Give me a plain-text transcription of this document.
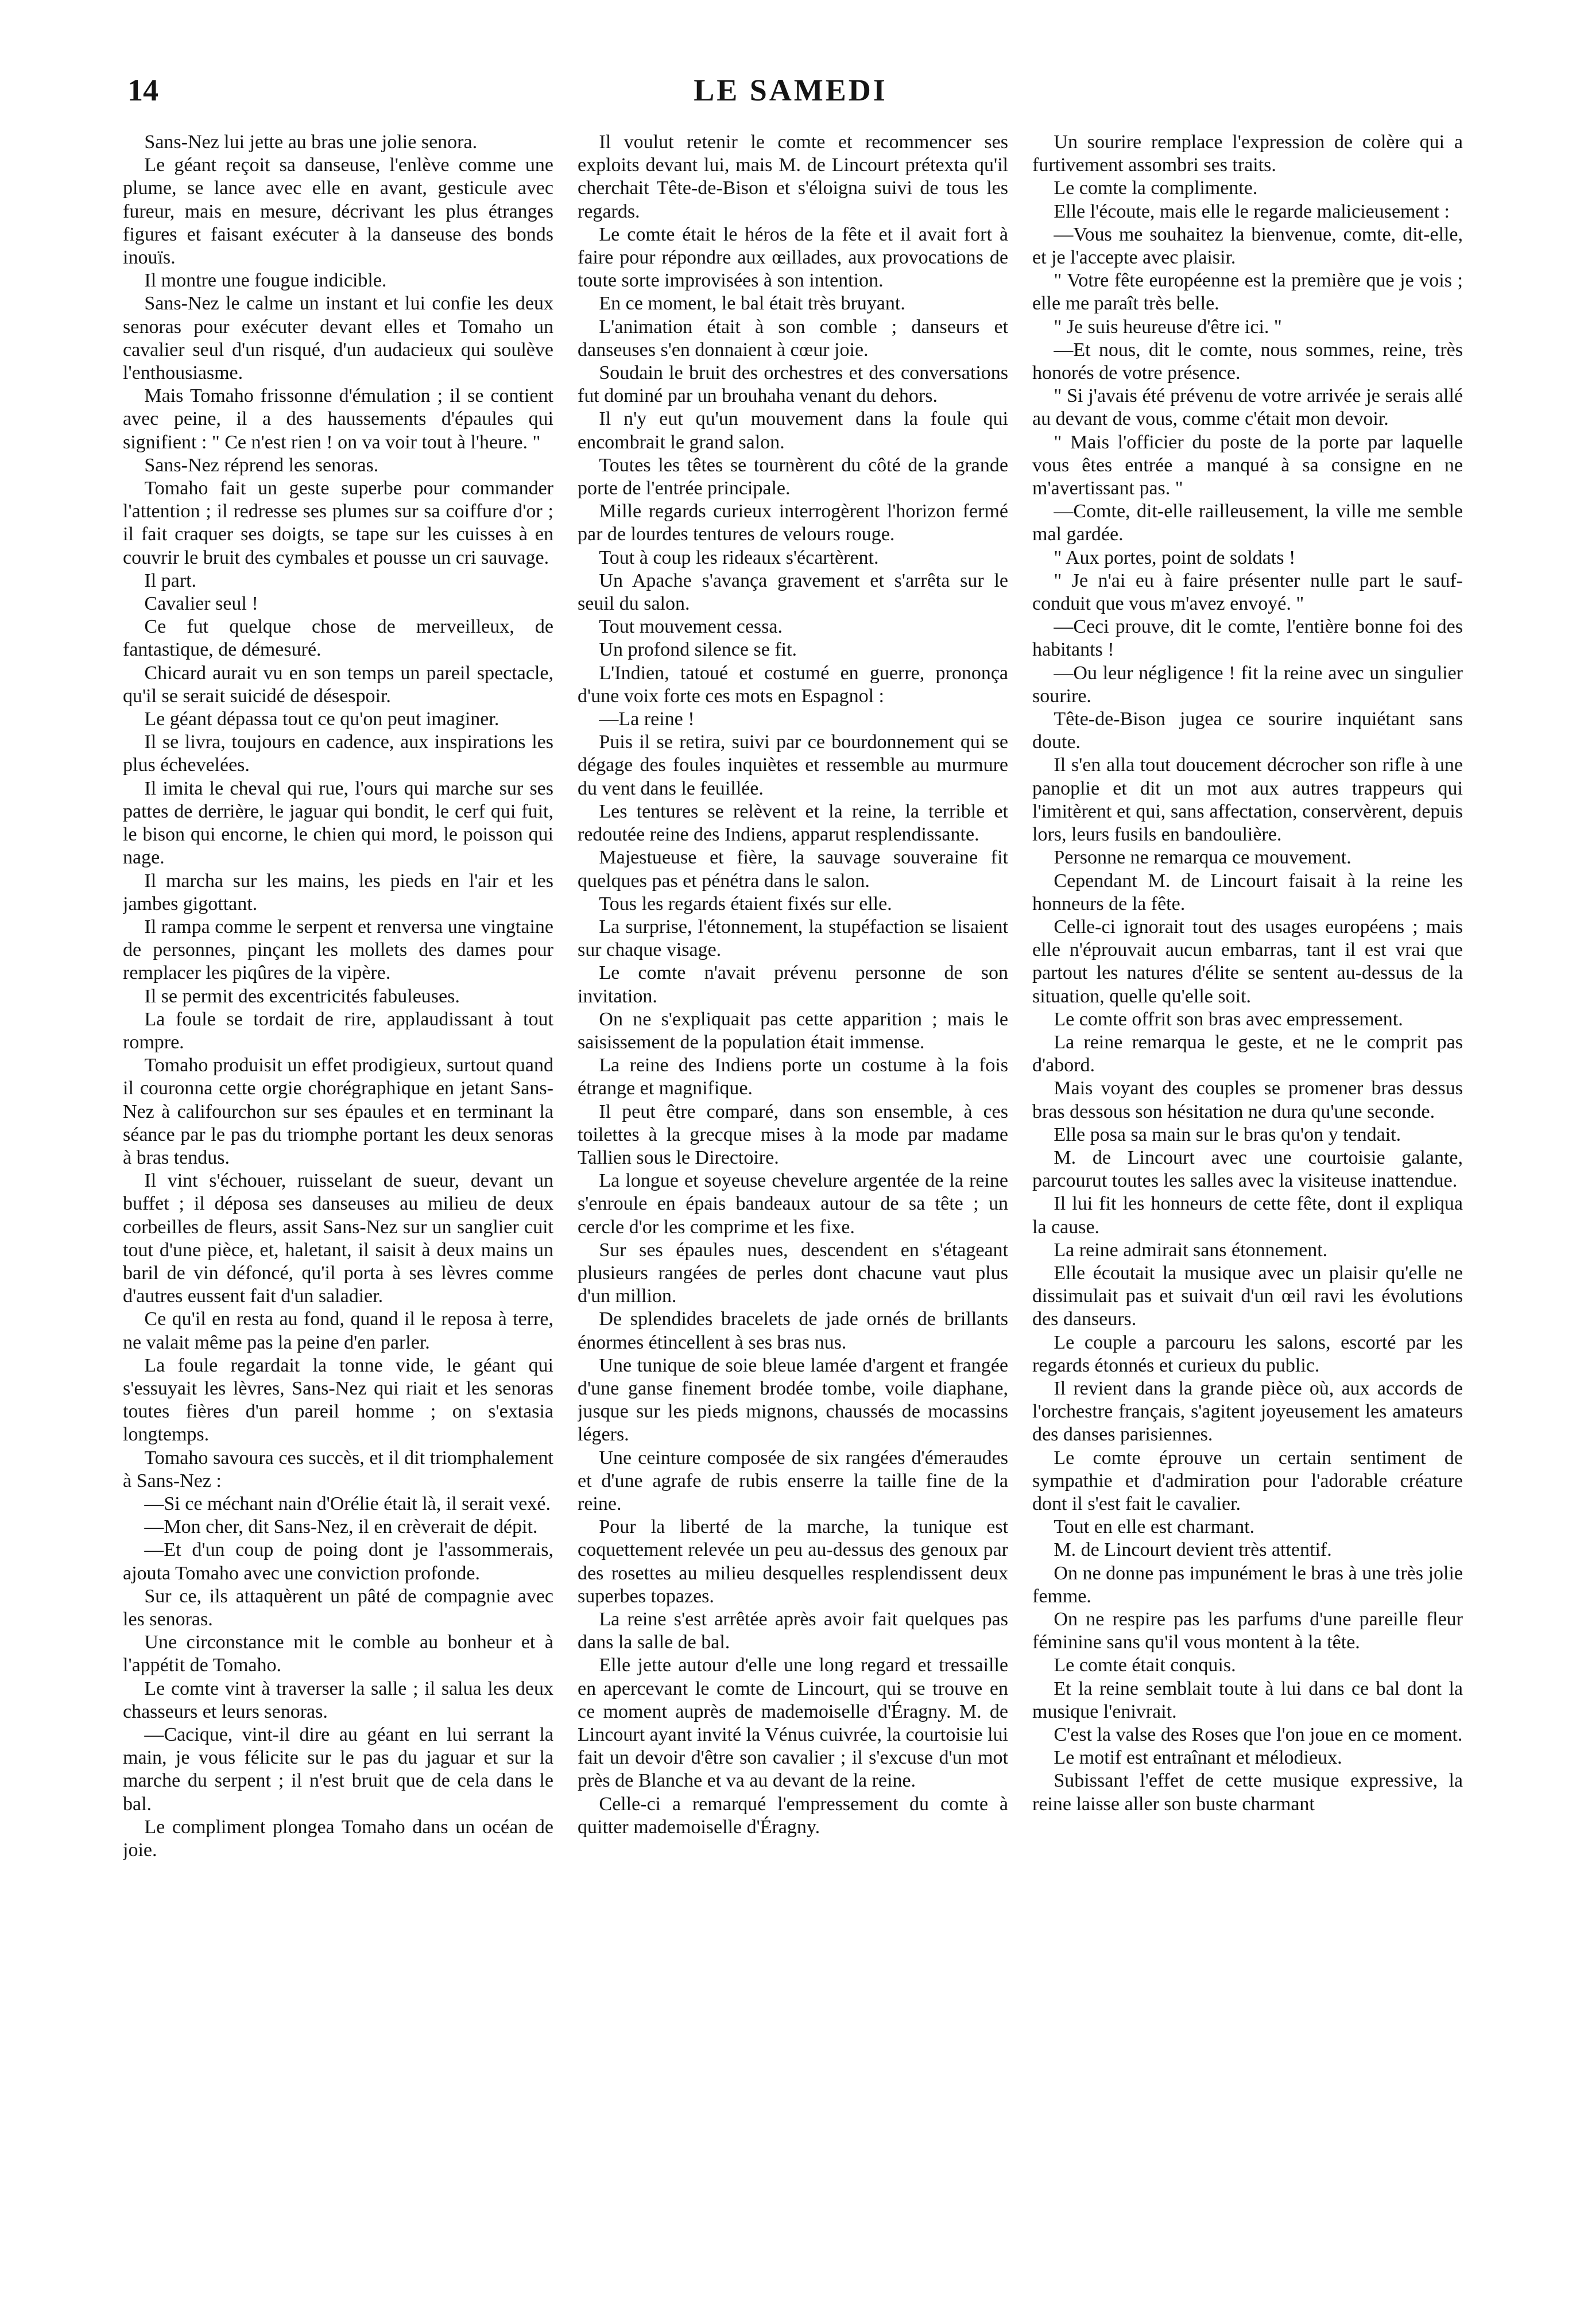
14	LE SAMEDI

Sans-Nez lui jette au bras une jolie senora.

Le géant reçoit sa danseuse, l'enlève comme une plume, se lance avec elle en avant, gesticule avec fureur, mais en mesure, décrivant les plus étranges figures et faisant exécuter à la danseuse des bonds inouïs.

Il montre une fougue indicible.

Sans-Nez le calme un instant et lui confie les deux senoras pour exécuter devant elles et Tomaho un cavalier seul d'un risqué, d'un audacieux qui soulève l'enthousiasme.

Mais Tomaho frissonne d'émulation ; il se contient avec peine, il a des haussements d'épaules qui signifient : " Ce n'est rien ! on va voir tout à l'heure. "

Sans-Nez réprend les senoras.

Tomaho fait un geste superbe pour commander l'attention ; il redresse ses plumes sur sa coiffure d'or ; il fait craquer ses doigts, se tape sur les cuisses à en couvrir le bruit des cymbales et pousse un cri sauvage.

Il part.

Cavalier seul !

Ce fut quelque chose de merveilleux, de fantastique, de démesuré.

Chicard aurait vu en son temps un pareil spectacle, qu'il se serait suicidé de désespoir.

Le géant dépassa tout ce qu'on peut imaginer.

Il se livra, toujours en cadence, aux inspirations les plus échevelées.

Il imita le cheval qui rue, l'ours qui marche sur ses pattes de derrière, le jaguar qui bondit, le cerf qui fuit, le bison qui encorne, le chien qui mord, le poisson qui nage.

Il marcha sur les mains, les pieds en l'air et les jambes gigottant.

Il rampa comme le serpent et renversa une vingtaine de personnes, pinçant les mollets des dames pour remplacer les piqûres de la vipère.

Il se permit des excentricités fabuleuses.

La foule se tordait de rire, applaudissant à tout rompre.

Tomaho produisit un effet prodigieux, surtout quand il couronna cette orgie chorégraphique en jetant Sans-Nez à califourchon sur ses épaules et en terminant la séance par le pas du triomphe portant les deux senoras à bras tendus.

Il vint s'échouer, ruisselant de sueur, devant un buffet ; il déposa ses danseuses au milieu de deux corbeilles de fleurs, assit Sans-Nez sur un sanglier cuit tout d'une pièce, et, haletant, il saisit à deux mains un baril de vin défoncé, qu'il porta à ses lèvres comme d'autres eussent fait d'un saladier.

Ce qu'il en resta au fond, quand il le reposa à terre, ne valait même pas la peine d'en parler.

La foule regardait la tonne vide, le géant qui s'essuyait les lèvres, Sans-Nez qui riait et les senoras toutes fières d'un pareil homme ; on s'extasia longtemps.

Tomaho savoura ces succès, et il dit triomphalement à Sans-Nez :

—Si ce méchant nain d'Orélie était là, il serait vexé.

—Mon cher, dit Sans-Nez, il en crèverait de dépit.

—Et d'un coup de poing dont je l'assommerais, ajouta Tomaho avec une conviction profonde.

Sur ce, ils attaquèrent un pâté de compagnie avec les senoras.

Une circonstance mit le comble au bonheur et à l'appétit de Tomaho.

Le comte vint à traverser la salle ; il salua les deux chasseurs et leurs senoras.

—Cacique, vint-il dire au géant en lui serrant la main, je vous félicite sur le pas du jaguar et sur la marche du serpent ; il n'est bruit que de cela dans le bal.

Le compliment plongea Tomaho dans un océan de joie.

Il voulut retenir le comte et recommencer ses exploits devant lui, mais M. de Lincourt prétexta qu'il cherchait Tête-de-Bison et s'éloigna suivi de tous les regards.

Le comte était le héros de la fête et il avait fort à faire pour répondre aux œillades, aux provocations de toute sorte improvisées à son intention.

En ce moment, le bal était très bruyant.

L'animation était à son comble ; danseurs et danseuses s'en donnaient à cœur joie.

Soudain le bruit des orchestres et des conversations fut dominé par un brouhaha venant du dehors.

Il n'y eut qu'un mouvement dans la foule qui encombrait le grand salon.

Toutes les têtes se tournèrent du côté de la grande porte de l'entrée principale.

Mille regards curieux interrogèrent l'horizon fermé par de lourdes tentures de velours rouge.

Tout à coup les rideaux s'écartèrent.

Un Apache s'avança gravement et s'arrêta sur le seuil du salon.

Tout mouvement cessa.

Un profond silence se fit.

L'Indien, tatoué et costumé en guerre, prononça d'une voix forte ces mots en Espagnol :

—La reine !

Puis il se retira, suivi par ce bourdonnement qui se dégage des foules inquiètes et ressemble au murmure du vent dans le feuillée.

Les tentures se relèvent et la reine, la terrible et redoutée reine des Indiens, apparut resplendissante.

Majestueuse et fière, la sauvage souveraine fit quelques pas et pénétra dans le salon.

Tous les regards étaient fixés sur elle.

La surprise, l'étonnement, la stupéfaction se lisaient sur chaque visage.

Le comte n'avait prévenu personne de son invitation.

On ne s'expliquait pas cette apparition ; mais le saisissement de la population était immense.

La reine des Indiens porte un costume à la fois étrange et magnifique.

Il peut être comparé, dans son ensemble, à ces toilettes à la grecque mises à la mode par madame Tallien sous le Directoire.

La longue et soyeuse chevelure argentée de la reine s'enroule en épais bandeaux autour de sa tête ; un cercle d'or les comprime et les fixe.

Sur ses épaules nues, descendent en s'étageant plusieurs rangées de perles dont chacune vaut plus d'un million.

De splendides bracelets de jade ornés de brillants énormes étincellent à ses bras nus.

Une tunique de soie bleue lamée d'argent et frangée d'une ganse finement brodée tombe, voile diaphane, jusque sur les pieds mignons, chaussés de mocassins légers.

Une ceinture composée de six rangées d'émeraudes et d'une agrafe de rubis enserre la taille fine de la reine.

Pour la liberté de la marche, la tunique est coquettement relevée un peu au-dessus des genoux par des rosettes au milieu desquelles resplendissent deux superbes topazes.

La reine s'est arrêtée après avoir fait quelques pas dans la salle de bal.

Elle jette autour d'elle une long regard et tressaille en apercevant le comte de Lincourt, qui se trouve en ce moment auprès de mademoiselle d'Éragny. M. de Lincourt ayant invité la Vénus cuivrée, la courtoisie lui fait un devoir d'être son cavalier ; il s'excuse d'un mot près de Blanche et va au devant de la reine.

Celle-ci a remarqué l'empressement du comte à quitter mademoiselle d'Éragny.

Un sourire remplace l'expression de colère qui a furtivement assombri ses traits.

Le comte la complimente.

Elle l'écoute, mais elle le regarde malicieusement :

—Vous me souhaitez la bienvenue, comte, dit-elle, et je l'accepte avec plaisir.

" Votre fête européenne est la première que je vois ; elle me paraît très belle.

" Je suis heureuse d'être ici. "

—Et nous, dit le comte, nous sommes, reine, très honorés de votre présence.

" Si j'avais été prévenu de votre arrivée je serais allé au devant de vous, comme c'était mon devoir.

" Mais l'officier du poste de la porte par laquelle vous êtes entrée a manqué à sa consigne en ne m'avertissant pas. "

—Comte, dit-elle railleusement, la ville me semble mal gardée.

" Aux portes, point de soldats !

" Je n'ai eu à faire présenter nulle part le sauf-conduit que vous m'avez envoyé. "

—Ceci prouve, dit le comte, l'entière bonne foi des habitants !

—Ou leur négligence ! fit la reine avec un singulier sourire.

Tête-de-Bison jugea ce sourire inquiétant sans doute.

Il s'en alla tout doucement décrocher son rifle à une panoplie et dit un mot aux autres trappeurs qui l'imitèrent et qui, sans affectation, conservèrent, depuis lors, leurs fusils en bandoulière.

Personne ne remarqua ce mouvement.

Cependant M. de Lincourt faisait à la reine les honneurs de la fête.

Celle-ci ignorait tout des usages européens ; mais elle n'éprouvait aucun embarras, tant il est vrai que partout les natures d'élite se sentent au-dessus de la situation, quelle qu'elle soit.

Le comte offrit son bras avec empressement.

La reine remarqua le geste, et ne le comprit pas d'abord.

Mais voyant des couples se promener bras dessus bras dessous son hésitation ne dura qu'une seconde.

Elle posa sa main sur le bras qu'on y tendait.

M. de Lincourt avec une courtoisie galante, parcourut toutes les salles avec la visiteuse inattendue.

Il lui fit les honneurs de cette fête, dont il expliqua la cause.

La reine admirait sans étonnement.

Elle écoutait la musique avec un plaisir qu'elle ne dissimulait pas et suivait d'un œil ravi les évolutions des danseurs.

Le couple a parcouru les salons, escorté par les regards étonnés et curieux du public.

Il revient dans la grande pièce où, aux accords de l'orchestre français, s'agitent joyeusement les amateurs des danses parisiennes.

Le comte éprouve un certain sentiment de sympathie et d'admiration pour l'adorable créature dont il s'est fait le cavalier.

Tout en elle est charmant.

M. de Lincourt devient très attentif.

On ne donne pas impunément le bras à une très jolie femme.

On ne respire pas les parfums d'une pareille fleur féminine sans qu'il vous montent à la tête.

Le comte était conquis.

Et la reine semblait toute à lui dans ce bal dont la musique l'enivrait.

C'est la valse des Roses que l'on joue en ce moment.

Le motif est entraînant et mélodieux.

Subissant l'effet de cette musique expressive, la reine laisse aller son buste charmant
